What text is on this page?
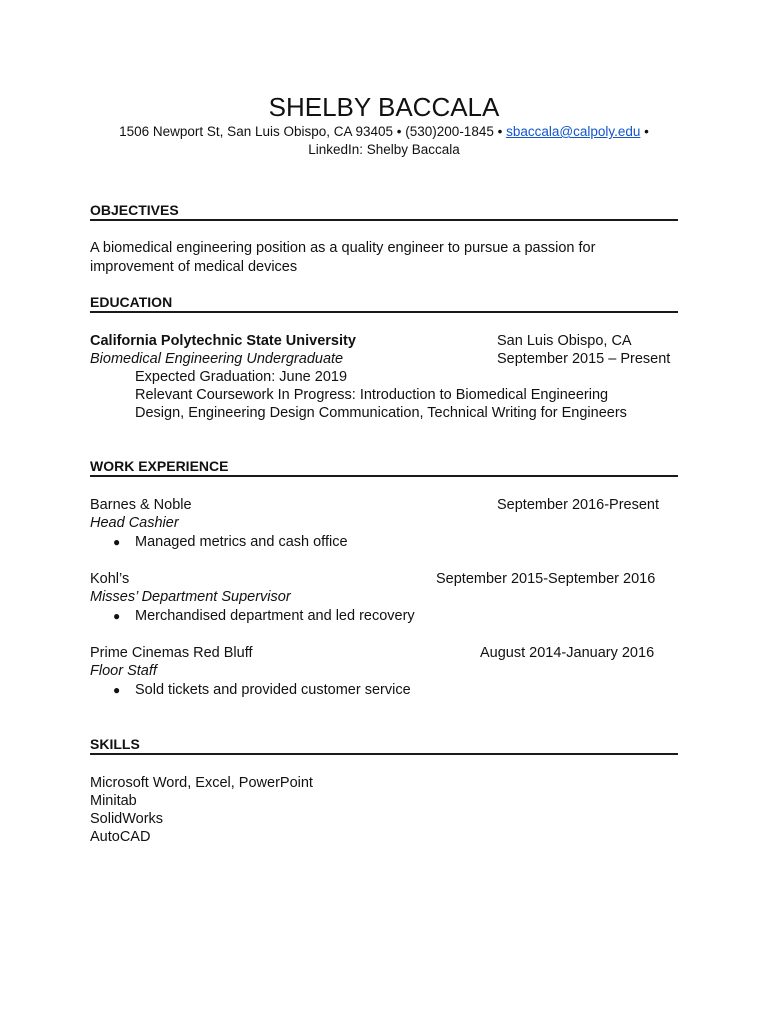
SHELBY BACCALA
1506 Newport St, San Luis Obispo, CA 93405 • (530)200-1845 • sbaccala@calpoly.edu •
LinkedIn: Shelby Baccala
OBJECTIVES
A biomedical engineering position as a quality engineer to pursue a passion for
improvement of medical devices
EDUCATION
California Polytechnic State University	San Luis Obispo, CA
Biomedical Engineering Undergraduate	September 2015 – Present
Expected Graduation: June 2019
Relevant Coursework In Progress: Introduction to Biomedical Engineering
Design, Engineering Design Communication, Technical Writing for Engineers
WORK EXPERIENCE
Barnes & Noble	September 2016-Present
Head Cashier
● Managed metrics and cash office
Kohl’s	September 2015-September 2016
Misses’ Department Supervisor
● Merchandised department and led recovery
Prime Cinemas Red Bluff	August 2014-January 2016
Floor Staff
● Sold tickets and provided customer service
SKILLS
Microsoft Word, Excel, PowerPoint
Minitab
SolidWorks
AutoCAD
